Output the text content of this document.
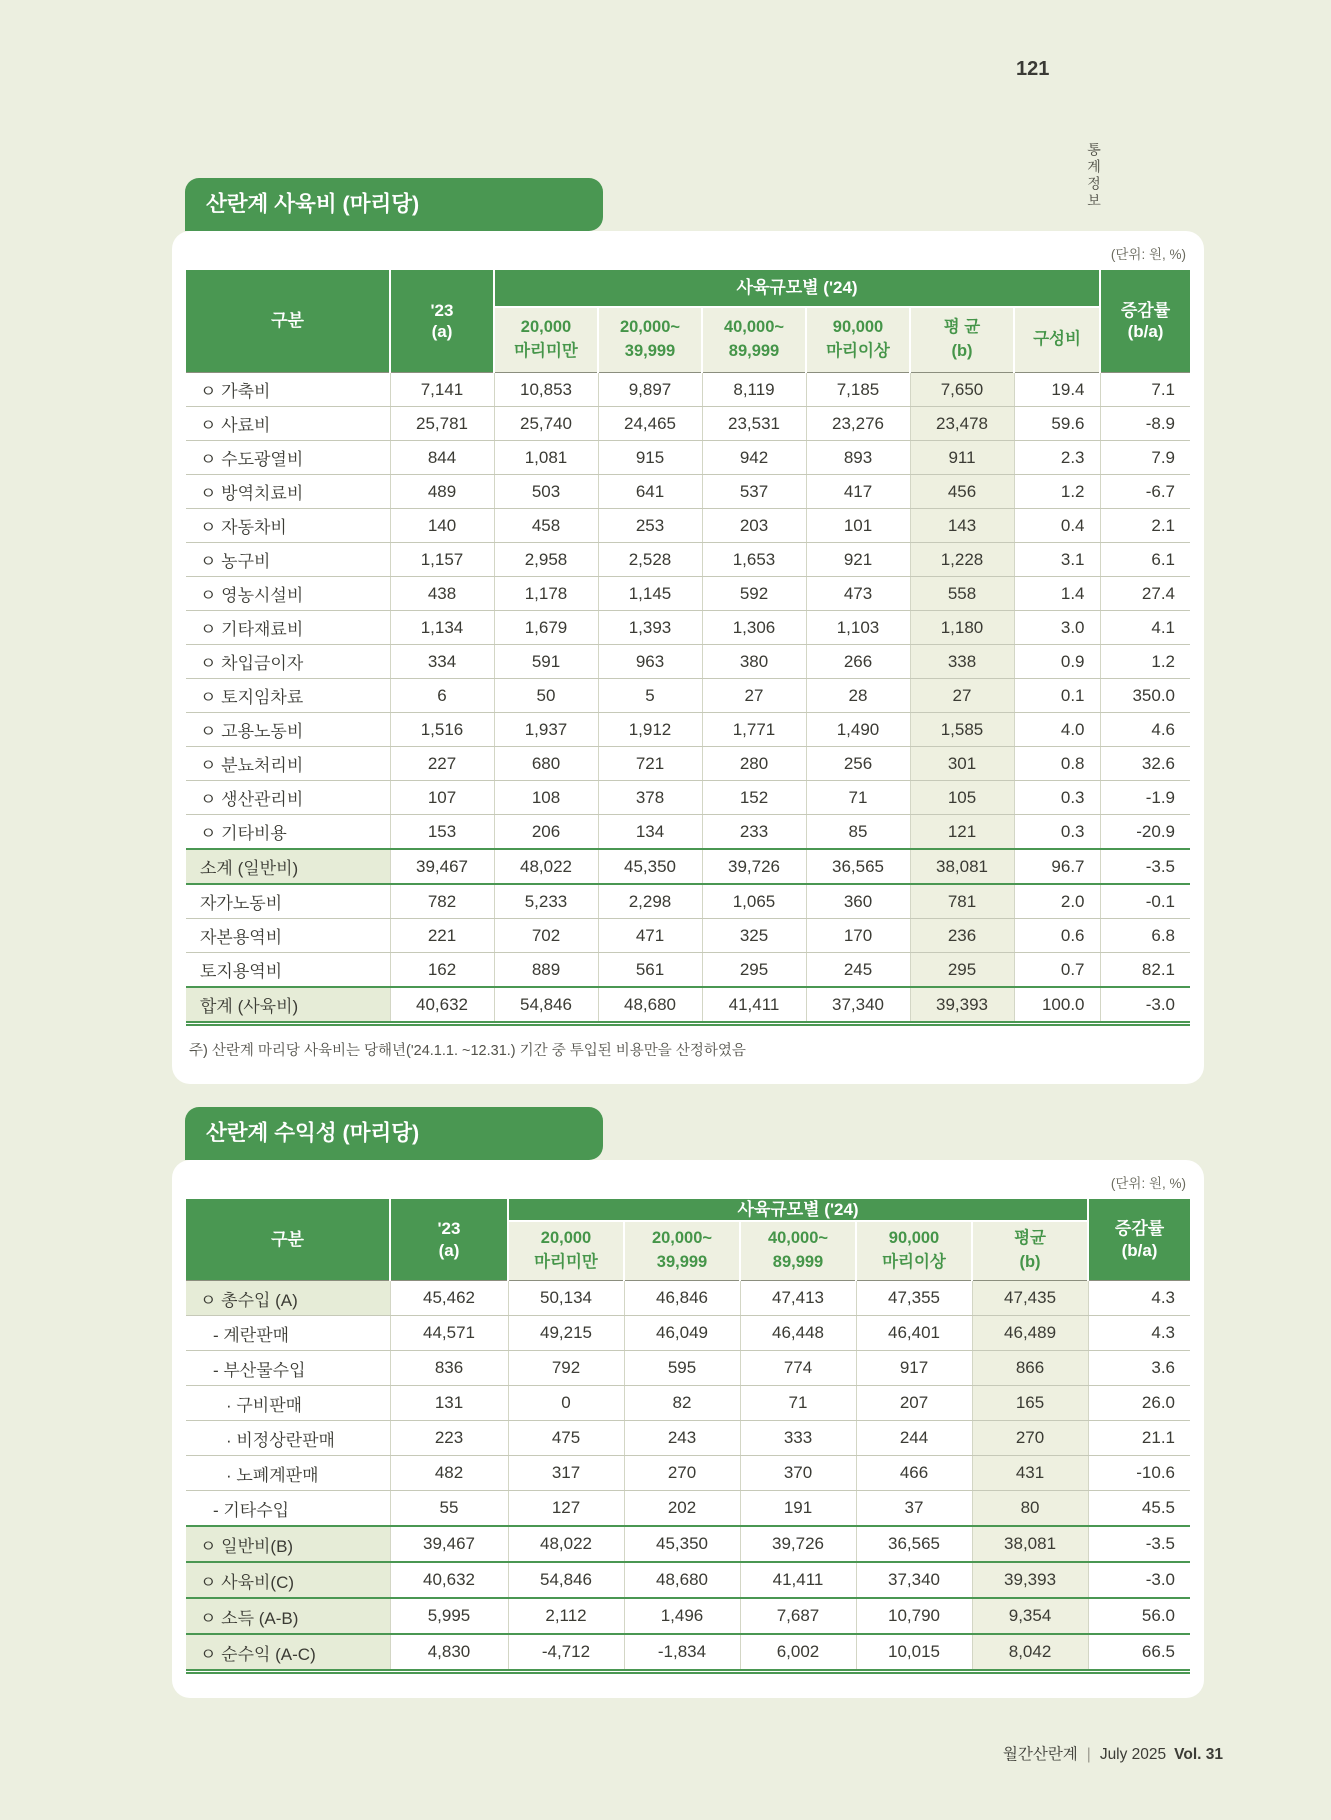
121
통계정보
산란계 사육비 (마리당)
(단위: 원, %)
구분	
'23
(a)
	사육규모별 ('24)	
증감률
(b/a)

20,000
마리미만

20,000~
39,999

40,000~
89,999

90,000
마리이상

평 균
(b)

구성비

ㅇ 가축비	7,141	10,853	9,897	8,119	7,185	7,650	19.4	7.1
ㅇ 사료비	25,781	25,740	24,465	23,531	23,276	23,478	59.6	-8.9
ㅇ 수도광열비	844	1,081	915	942	893	911	2.3	7.9
ㅇ 방역치료비	489	503	641	537	417	456	1.2	-6.7
ㅇ 자동차비	140	458	253	203	101	143	0.4	2.1
ㅇ 농구비	1,157	2,958	2,528	1,653	921	1,228	3.1	6.1
ㅇ 영농시설비	438	1,178	1,145	592	473	558	1.4	27.4
ㅇ 기타재료비	1,134	1,679	1,393	1,306	1,103	1,180	3.0	4.1
ㅇ 차입금이자	334	591	963	380	266	338	0.9	1.2
ㅇ 토지임차료	6	50	5	27	28	27	0.1	350.0
ㅇ 고용노동비	1,516	1,937	1,912	1,771	1,490	1,585	4.0	4.6
ㅇ 분뇨처리비	227	680	721	280	256	301	0.8	32.6
ㅇ 생산관리비	107	108	378	152	71	105	0.3	-1.9
ㅇ 기타비용	153	206	134	233	85	121	0.3	-20.9
소계 (일반비)	39,467	48,022	45,350	39,726	36,565	38,081	96.7	-3.5
자가노동비	782	5,233	2,298	1,065	360	781	2.0	-0.1
자본용역비	221	702	471	325	170	236	0.6	6.8
토지용역비	162	889	561	295	245	295	0.7	82.1
합계 (사육비)	40,632	54,846	48,680	41,411	37,340	39,393	100.0	-3.0
주) 산란계 마리당 사육비는 당해년('24.1.1. ~12.31.) 기간 중 투입된 비용만을 산정하였음
산란계 수익성 (마리당)
(단위: 원, %)
구분	
'23
(a)
	사육규모별 ('24)	
증감률
(b/a)

20,000
마리미만

20,000~
39,999

40,000~
89,999

90,000
마리이상

평균
(b)

ㅇ 총수입 (A)	45,462	50,134	46,846	47,413	47,355	47,435	4.3
- 계란판매	44,571	49,215	46,049	46,448	46,401	46,489	4.3
- 부산물수입	836	792	595	774	917	866	3.6
· 구비판매	131	0	82	71	207	165	26.0
· 비정상란판매	223	475	243	333	244	270	21.1
· 노폐계판매	482	317	270	370	466	431	-10.6
- 기타수입	55	127	202	191	37	80	45.5
ㅇ 일반비(B)	39,467	48,022	45,350	39,726	36,565	38,081	-3.5
ㅇ 사육비(C)	40,632	54,846	48,680	41,411	37,340	39,393	-3.0
ㅇ 소득 (A-B)	5,995	2,112	1,496	7,687	10,790	9,354	56.0
ㅇ 순수익 (A-C)	4,830	-4,712	-1,834	6,002	10,015	8,042	66.5
월간산란계 | July 2025 Vol. 31
